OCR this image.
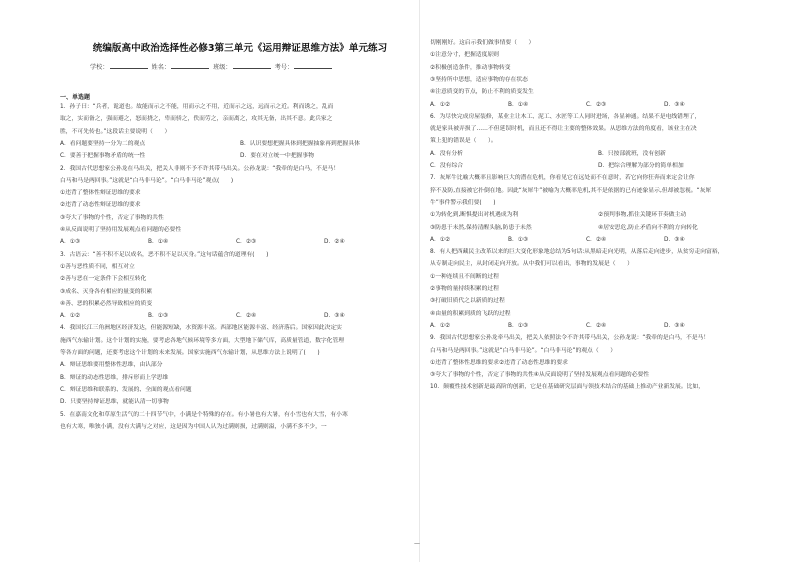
统编版高中政治选择性必修3第三单元《运用辩证思维方法》单元练习
学校：	姓名：	班级：	考号：
一、单选题
1．孙子曰：“兵者，诡道也。故能而示之不能，用而示之不用，近而示之远，远而示之近。利而诱之，乱而
取之，实而备之，强而避之，怒而挠之，卑而骄之，佚而劳之，亲而离之，攻其无备，出其不意。此兵家之
胜，不可先传也。”这段话主要说明（　　）
A．看问题要坚持一分为二的观点	B．认识要想把握具体到把握抽象再到把握具体
C．要善于把握事物矛盾的统一性	D．要在对立统一中把握事物
2．我国古代思想家公孙龙在马出关，把关人非则不予不许其带马出关。公孙龙说：“我牵的是白马，不是马！
白马和马是两回事。”这就是“白马非马论”。“白马非马论”观点(　　)
①违背了整体性辩证思维的要求
②违背了动态性辩证思维的要求
③夸大了事物的个性，否定了事物的共性
④从反面说明了坚持用发展观点看问题的必要性
A．①③	B．①④	C．②③	D．②④
3．古语云：“善不积不足以成名，恶不积不足以灭身。”这句话蕴含的道理有(　　)
①善与恶性质不同，相互对立
②善与恶在一定条件下会相互转化
③成名、灭身各有相应的量变的积累
④善、恶的积累必然导致相应的质变
A．①②	B．①③	C．②④	D．③④
4．我国长江三角洲地区经济发达，但能源短缺，水资源丰富。西部地区能源丰富、经济落后。国家因此决定实
施西气东输计划。这个计划的实施，要考虑各地气候环境等多方面，大型地下储气库，高质量管道，数字化管理
等各方面的问题，还要考虑这个计划的未来发展。国家实施西气东输计划，从思维方法上说明了(　　)
A．辩证思维要用整体性思维，由认部分
B．辩证的动态性思维，排斥形而上学思维
C．辩证思维和联系的、发展的、全面的观点看问题
D．只要坚持辩证思维，就能认清一切事物
5．在嘉南文化和草原生活气的二十四节气中，小满是个特殊的存在。有小暑也有大暑，有小雪也有大雪，有小寒
也有大寒，唯独小满，没有大满与之对应，这是因为中国人认为过满则损，过满则溢，小满不多不少，一
切刚刚好。这启示我们做事情要（　　）
①注意分寸，把握适度原则
②积极创造条件，推动事物转变
③坚持所中思想，适应事物的存在状态
④注意质变的节点，防止不利的质变发生
A．①②	B．①④	C．②③	D．③④
6．为尽快完成房屋装修，某业主让木工、泥工、水匠等工人同时进场，各显神通。结果不是电线错埋了，
就是家具被弄损了……不但延误时机，而且还不得让主要的整体效果。从思维方法的角度看，该业主在决
策上犯的错误是（　　）。
A．没有分析	B．只按部就班，没有创新
C．没有综合	D．把综合理解为部分的简单相加
7．灰犀牛比喻大概率且影响巨大的潜在危机，你看见它在远处而不在意时，若它向你狂奔而来定会让你
猝不及防,直接被它扑倒在地。因此“灰犀牛”被喻为大概率危机,其不是依据的已有迹象显示,但却被忽视。“灰犀
牛”事件警示我们要(　　)
①为转化到,断惧提出对机遇成为利	②预判事物,抓住关键环节奏做主动
③防患于未然,保持清醒头脑,防患于未然	④居安思危,防止矛盾向不利的方向转化
A．①②	B．①③	C．②④	D．③④
8．有人把西藏民主改革以来的巨大变化形象地总结为5句话:从黑暗走向光明，从落后走向进步，从贫穷走向富裕，
从专制走向民主，从封闭走向开放。从中我们可以看出，事物的发展是（　　）
①一种连续且不间断的过程
②事物的量持续积累的过程
③打破旧质代之以新质的过程
④由量的积累到质的飞跃的过程
A．①②	B．①③	C．②④	D．③④
9．我国古代思想家公孙龙牵马出关，把关人依照法令不许其带马出关，公孙龙说：“我牵的是白马，不是马！
白马和马是两回事。”这就是“白马非马论”。“白马非马论”的观点（　　）
①违背了整体性思维的要求②违背了动态性思维的要求
③夸大了事物的个性，否定了事物的共性④从反面说明了坚持发展观点看问题的必要性
10．颠覆性技术创新是最高阶的创新，它是在基础研究层面与领技术结合的基础上推动产业新发展。比如，
—
